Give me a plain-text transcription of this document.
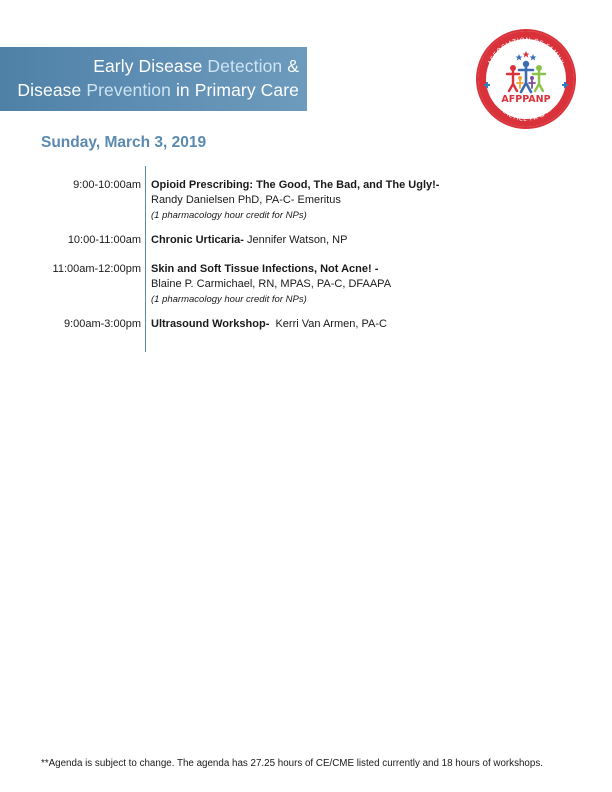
Early Disease Detection &
Disease Prevention in Primary Care
ASSOCIATION OF FAMILY
PRACTICE PA & NP
AFPPANP
Sunday, March 3, 2019
9:00-10:00am Opioid Prescribing: The Good, The Bad, and The Ugly!-
Randy Danielsen PhD, PA-C- Emeritus
(1 pharmacology hour credit for NPs)
10:00-11:00am Chronic Urticaria- Jennifer Watson, NP
11:00am-12:00pm Skin and Soft Tissue Infections, Not Acne! -
Blaine P. Carmichael, RN, MPAS, PA-C, DFAAPA
(1 pharmacology hour credit for NPs)
9:00am-3:00pm Ultrasound Workshop-  Kerri Van Armen, PA-C
**Agenda is subject to change. The agenda has 27.25 hours of CE/CME listed currently and 18 hours of workshops.
